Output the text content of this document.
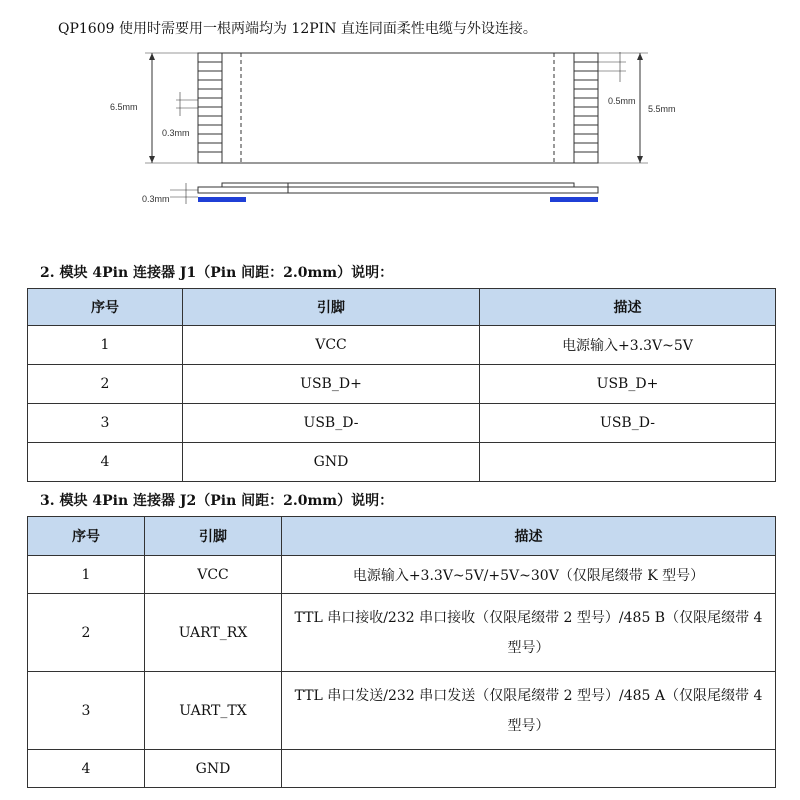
QP1609 使用时需要用一根两端均为 12PIN 直连同面柔性电缆与外设连接。
6.5mm
0.3mm
5.5mm
0.5mm
0.3mm
2. 模块 4Pin 连接器 J1（Pin 间距：2.0mm）说明：
序号	引脚	描述
1	VCC	电源输入+3.3V~5V
2	USB_D+	USB_D+
3	USB_D-	USB_D-
4	GND	
3. 模块 4Pin 连接器 J2（Pin 间距：2.0mm）说明：
序号	引脚	描述
1	VCC	电源输入+3.3V~5V/+5V~30V（仅限尾缀带 K 型号）
2	UART_RX	TTL 串口接收/232 串口接收（仅限尾缀带 2 型号）/485 B（仅限尾缀带 4 型号）
3	UART_TX	TTL 串口发送/232 串口发送（仅限尾缀带 2 型号）/485 A（仅限尾缀带 4 型号）
4	GND	
